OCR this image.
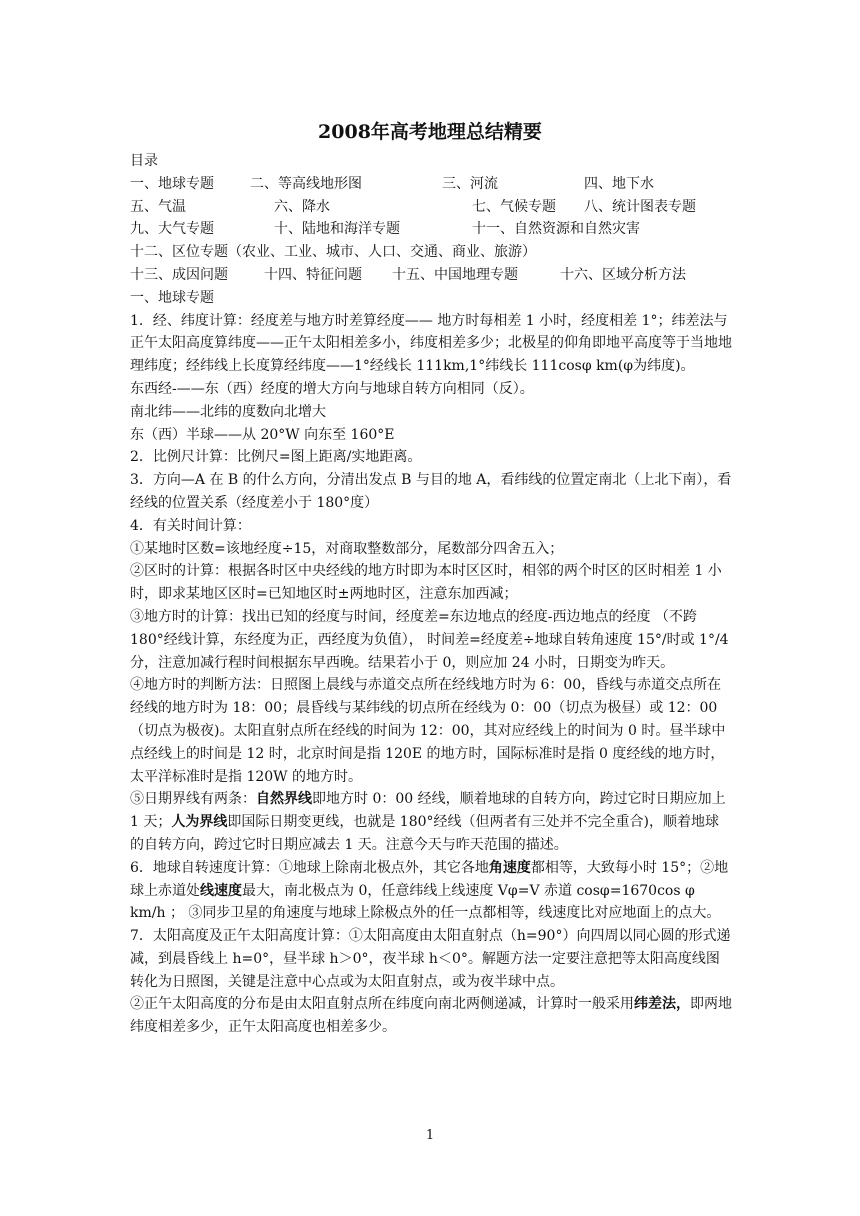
2008年高考地理总结精要

目录

一、地球专题	二、等高线地形图	三、河流	四、地下水

五、气温	六、降水	七、气候专题	八、统计图表专题

九、大气专题	十、陆地和海洋专题	十一、自然资源和自然灾害

十二、区位专题（农业、工业、城市、人口、交通、商业、旅游）

十三、成因问题	十四、特征问题	十五、中国地理专题	十六、区域分析方法

一、地球专题

1．经、纬度计算：经度差与地方时差算经度—— 地方时每相差 1 小时，经度相差 1°；纬差法与正午太阳高度算纬度——正午太阳相差多小，纬度相差多少；北极星的仰角即地平高度等于当地地理纬度；经纬线上长度算经纬度——1°经线长 111km,1°纬线长 111cosφ km(φ为纬度)。

东西经-——东（西）经度的增大方向与地球自转方向相同（反）。

南北纬——北纬的度数向北增大

东（西）半球——从 20°W 向东至 160°E

2．比例尺计算：比例尺=图上距离/实地距离。

3．方向—A 在 B 的什么方向，分清出发点 B 与目的地 A，看纬线的位置定南北（上北下南），看经线的位置关系（经度差小于 180°度）

4．有关时间计算：

①某地时区数=该地经度÷15，对商取整数部分，尾数部分四舍五入；

②区时的计算：根据各时区中央经线的地方时即为本时区区时，相邻的两个时区的区时相差 1 小时，即求某地区区时=已知地区时±两地时区，注意东加西减；

③地方时的计算：找出已知的经度与时间，经度差=东边地点的经度-西边地点的经度 （不跨 180°经线计算，东经度为正，西经度为负值）， 时间差=经度差÷地球自转角速度 15°/时或 1°/4 分，注意加减行程时间根据东早西晚。结果若小于 0，则应加 24 小时，日期变为昨天。

④地方时的判断方法：日照图上晨线与赤道交点所在经线地方时为 6：00，昏线与赤道交点所在经线的地方时为 18：00；晨昏线与某纬线的切点所在经线为 0：00（切点为极昼）或 12：00（切点为极夜)。太阳直射点所在经线的时间为 12：00，其对应经线上的时间为 0 时。昼半球中点经线上的时间是 12 时，北京时间是指 120E 的地方时，国际标准时是指 0 度经线的地方时，太平洋标准时是指 120W 的地方时。

⑤日期界线有两条：自然界线即地方时 0：00 经线，顺着地球的自转方向，跨过它时日期应加上 1 天；人为界线即国际日期变更线，也就是 180°经线（但两者有三处并不完全重合)，顺着地球的自转方向，跨过它时日期应减去 1 天。注意今天与昨天范围的描述。

6．地球自转速度计算：①地球上除南北极点外，其它各地角速度都相等，大致每小时 15°；②地球上赤道处线速度最大，南北极点为 0，任意纬线上线速度 Vφ=V 赤道 cosφ=1670cos φ km/h ； ③同步卫星的角速度与地球上除极点外的任一点都相等，线速度比对应地面上的点大。

7．太阳高度及正午太阳高度计算：①太阳高度由太阳直射点（h=90°）向四周以同心圆的形式递减，到晨昏线上 h=0°，昼半球 h＞0°，夜半球 h＜0°。解题方法一定要注意把等太阳高度线图转化为日照图，关键是注意中心点或为太阳直射点，或为夜半球中点。

②正午太阳高度的分布是由太阳直射点所在纬度向南北两侧递减，计算时一般采用纬差法，即两地纬度相差多少，正午太阳高度也相差多少。

1
